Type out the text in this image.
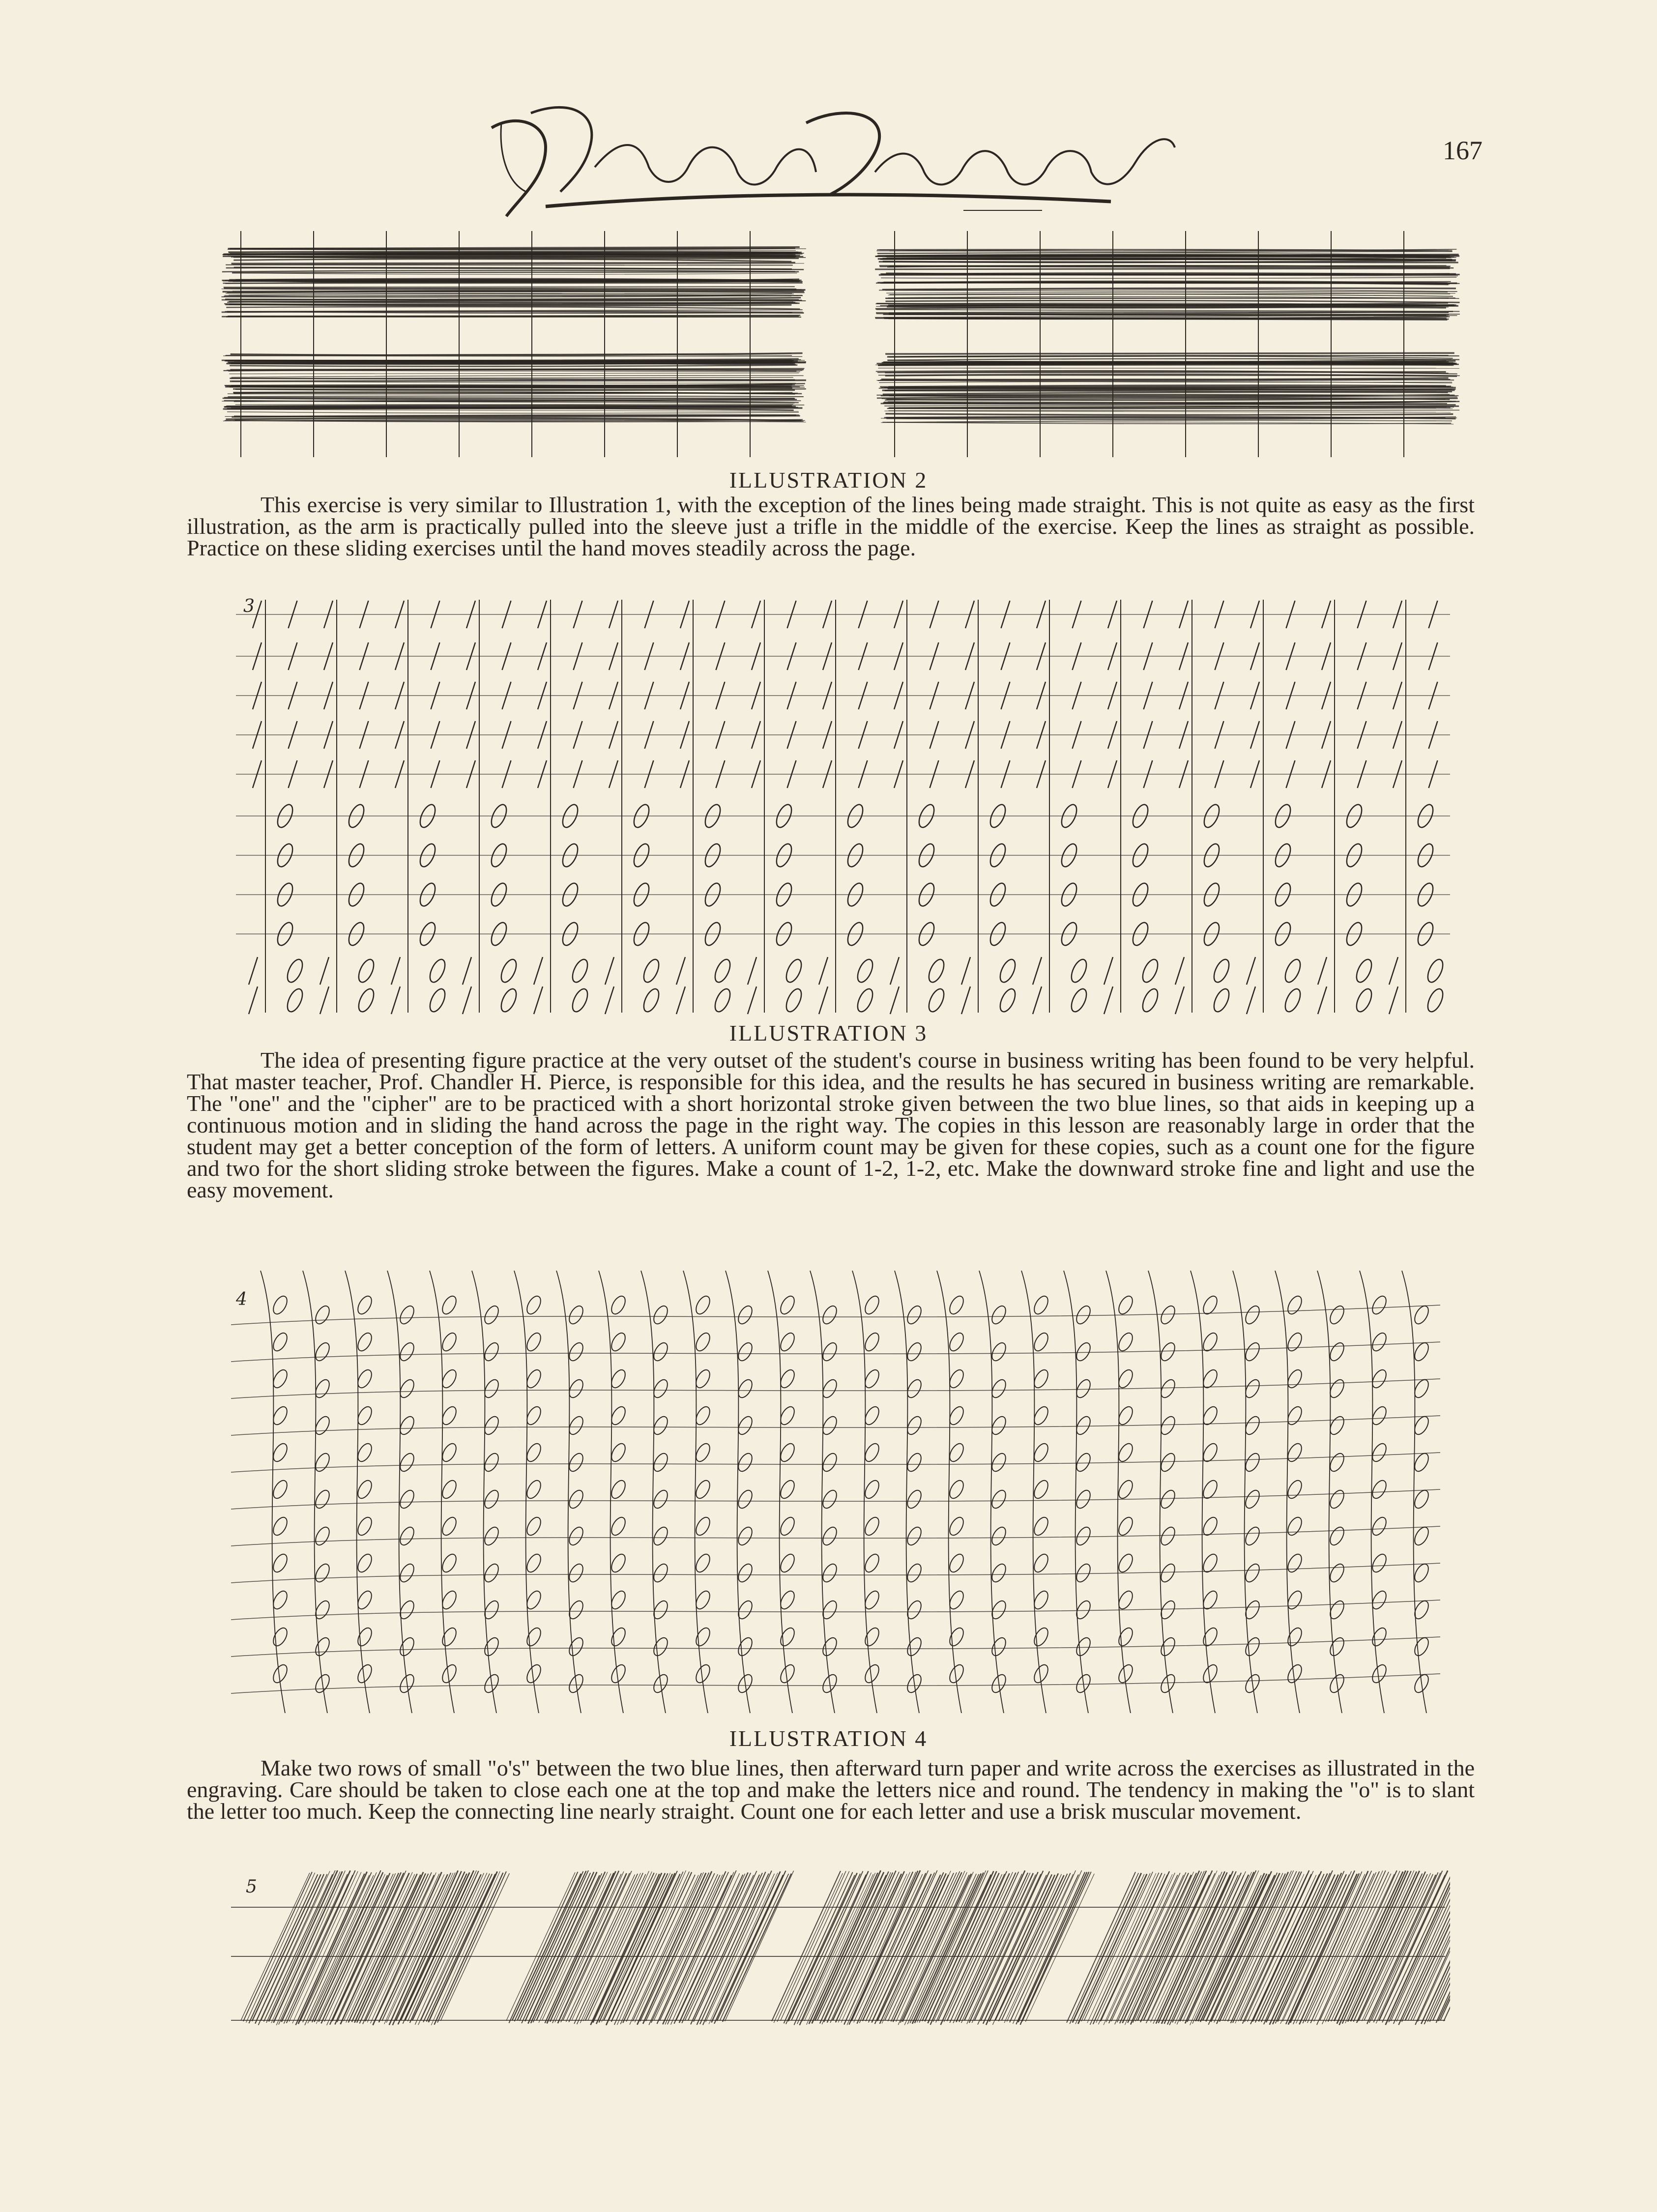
167
ILLUSTRATION 2

This exercise is very similar to Illustration 1, with the exception of the lines being made straight. This is not quite as easy as the first illustration, as the arm is practically pulled into the sleeve just a trifle in the middle of the exercise. Keep the lines as straight as possible. Practice on these sliding exercises until the hand moves steadily across the page.

3
ILLUSTRATION 3

The idea of presenting figure practice at the very outset of the student's course in business writing has been found to be very helpful. That master teacher, Prof. Chandler H. Pierce, is responsible for this idea, and the results he has secured in business writing are remarkable. The "one" and the "cipher" are to be practiced with a short horizontal stroke given between the two blue lines, so that aids in keeping up a continuous motion and in sliding the hand across the page in the right way. The copies in this lesson are reasonably large in order that the student may get a better conception of the form of letters. A uniform count may be given for these copies, such as a count one for the figure and two for the short sliding stroke between the figures. Make a count of 1-2, 1-2, etc. Make the downward stroke fine and light and use the easy movement.

4
ILLUSTRATION 4

Make two rows of small "o's" between the two blue lines, then afterward turn paper and write across the exercises as illustrated in the engraving. Care should be taken to close each one at the top and make the letters nice and round. The tendency in making the "o" is to slant the letter too much. Keep the connecting line nearly straight. Count one for each letter and use a brisk muscular movement.

5
